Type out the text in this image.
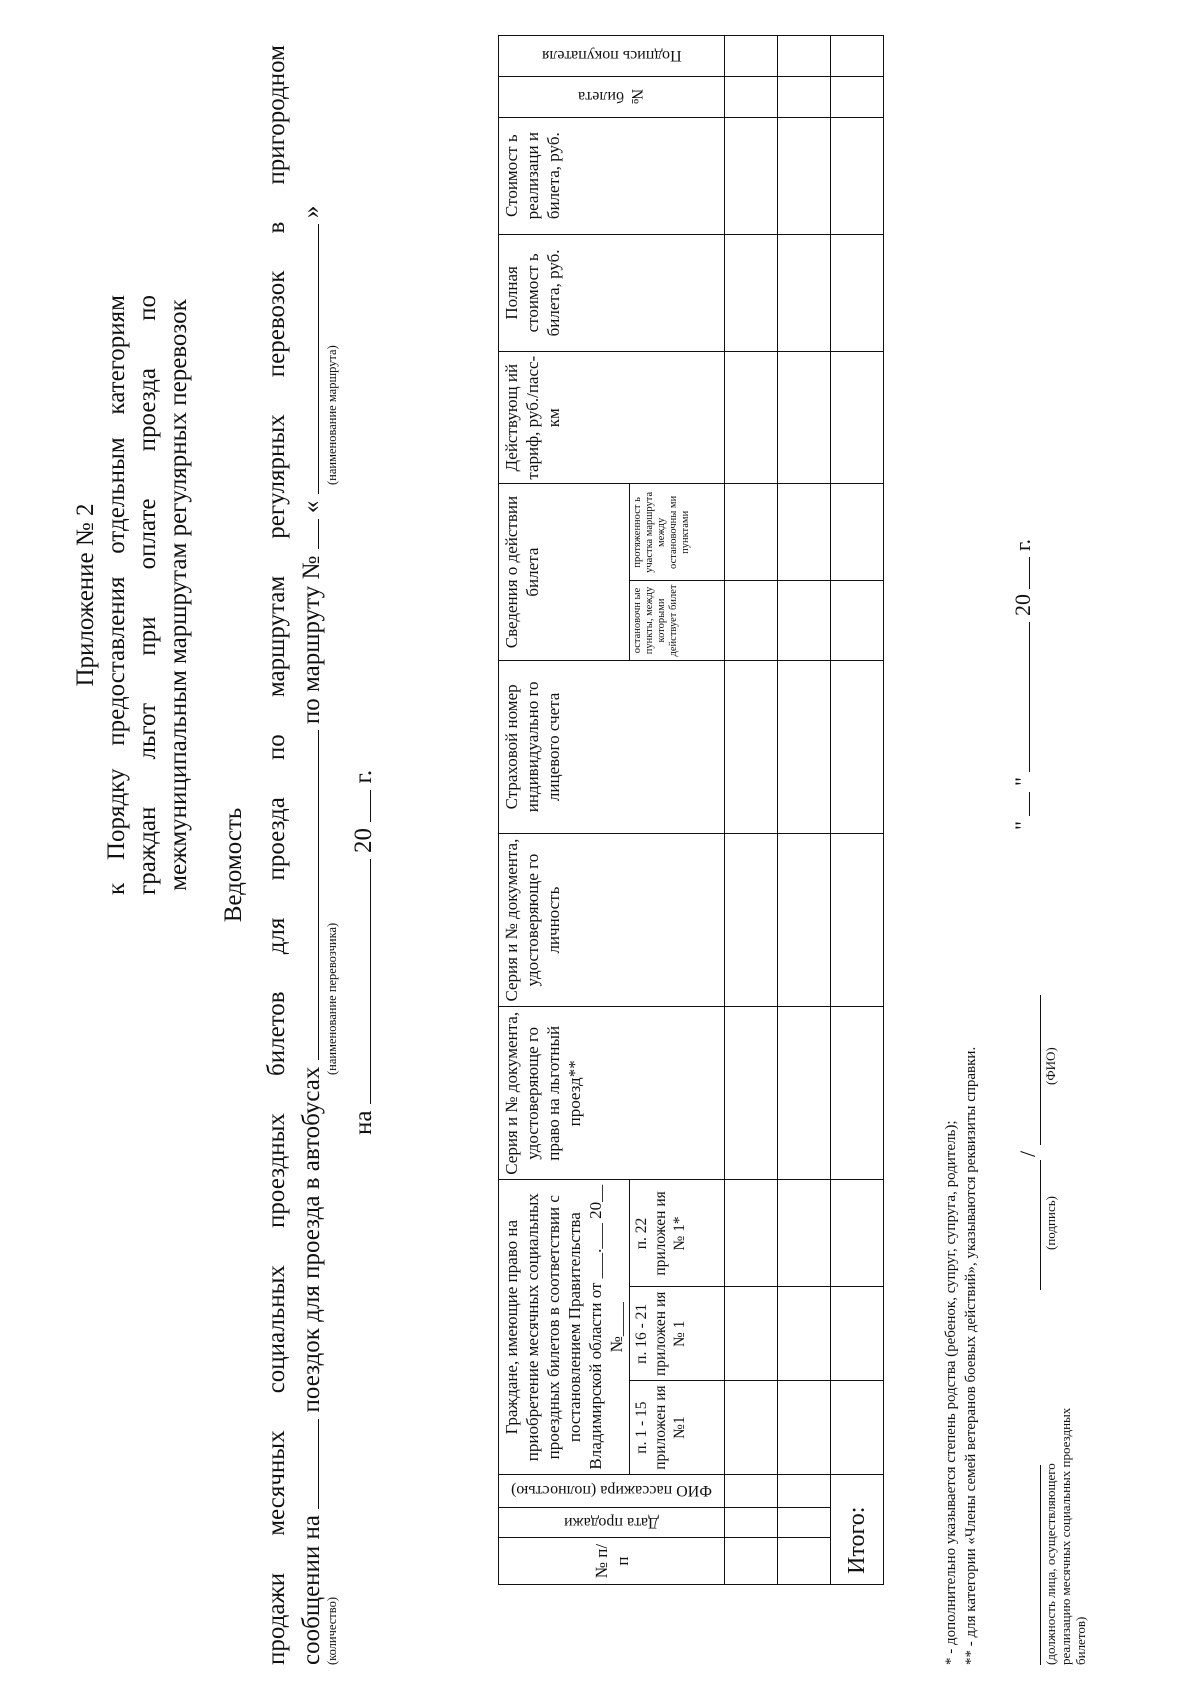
Приложение № 2 к Порядку предоставления отдельным категориям граждан льгот при оплате проезда по межмуниципальным маршрутам регулярных перевозок Ведомость продажи месячных социальных проездных билетов для проезда по маршрутам регулярных перевозок в пригородном сообщении на  поездок для проезда в автобусах  по маршруту №  «  »
(количество)
(наименование перевозчика)
(наименование маршрута)
на  20  г.
№ п/ п	Дата продажи	ФИО пассажира (полностью)	Граждане, имеющие право на приобретение месячных социальных проездных билетов в соответствии с постановлением Правительства Владимирской области от ___.___ 20__ №____			Серия и № документа, удостоверяюще го право на льготный проезд**	Серия и № документа, удостоверяюще го личность	Страховой номер индивидуально го лицевого счета	Сведения о действии билета		Действующ ий тариф, руб./пасс-км	Полная стоимост ь билета, руб.	Стоимост ь реализаци и билета, руб.	№ билета	Подпись покупателя

			п. 1 - 15 приложен ия №1	п. 16 - 21 приложен ия № 1	п. 22 приложен ия № 1*				остановочн ые пункты, между которыми действует билет	протяженност ь участка маршрута между остановочны ми пунктами					

Итого:																* - дополнительно указывается степень родства (ребенок, супруг, супруга, родитель); ** - для категории «Члены семей ветеранов боевых действий», указываются реквизиты справки.	(должность лица, осуществляющего реализацию месячных социальных проездных билетов)
(подпись)
/
(ФИО)
"  "  20  г.
